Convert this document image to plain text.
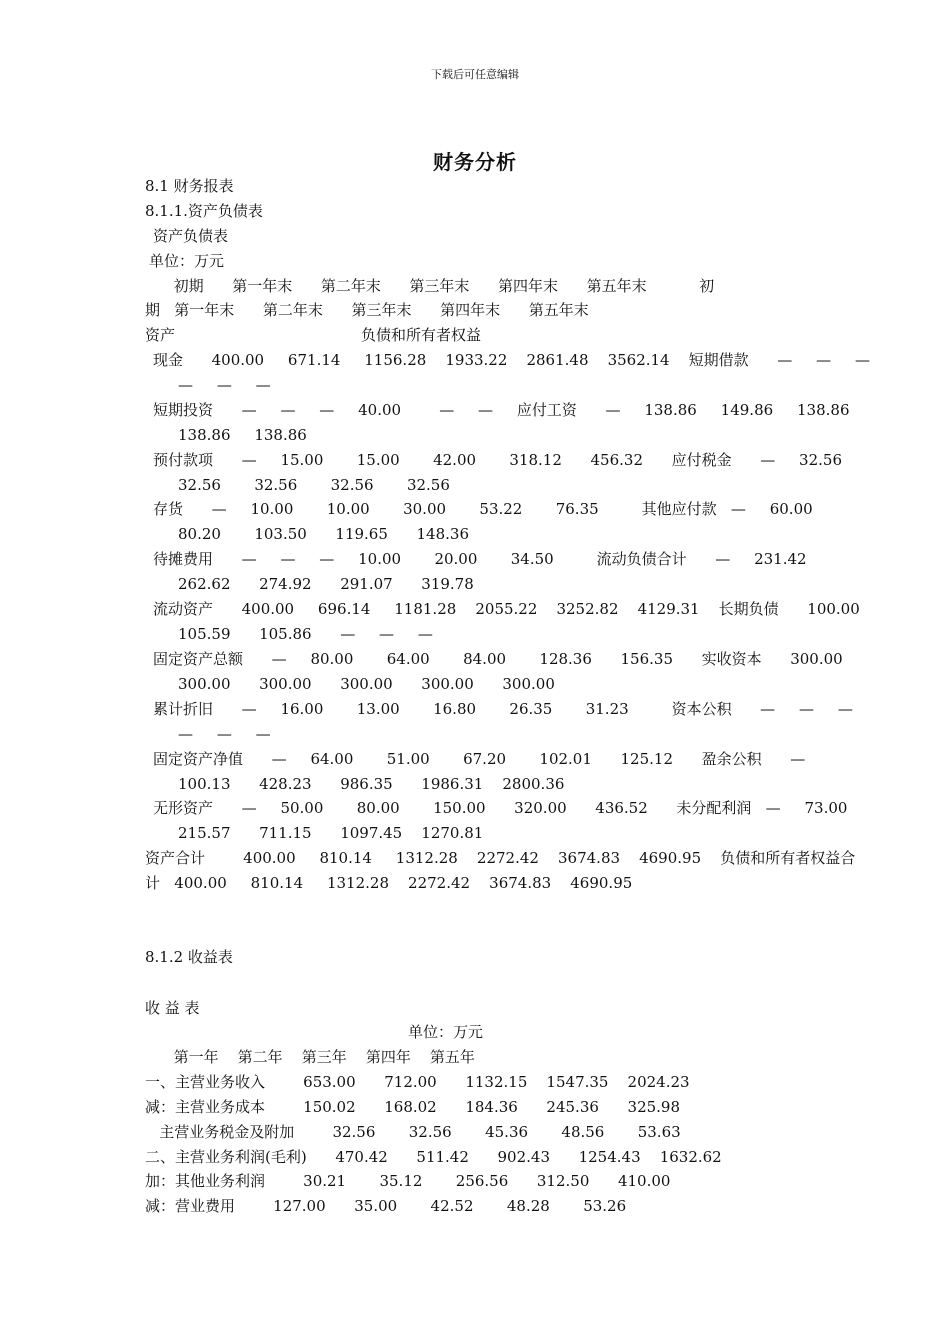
下载后可任意编辑
财务分析
8.1 财务报表
8.1.1.资产负债表
资产负债表
单位：万元
初期      第一年末      第二年末      第三年末      第四年末      第五年末           初
期   第一年末      第二年末      第三年末      第四年末      第五年末
资产                                       负债和所有者权益
现金      400.00     671.14     1156.28    1933.22    2861.48    3562.14    短期借款      —     —     —
—     —     —
短期投资      —     —     —     40.00        —     —     应付工资      —     138.86     149.86     138.86
138.86     138.86
预付款项      —     15.00       15.00       42.00       318.12      456.32      应付税金      —     32.56
32.56       32.56       32.56       32.56
存货      —     10.00       10.00       30.00       53.22       76.35         其他应付款   —     60.00
80.20       103.50      119.65      148.36
待摊费用      —     —     —     10.00       20.00       34.50         流动负债合计      —     231.42
262.62      274.92      291.07      319.78
流动资产      400.00     696.14     1181.28    2055.22    3252.82    4129.31    长期负债      100.00
105.59      105.86      —     —     —
固定资产总额      —     80.00       64.00       84.00       128.36      156.35      实收资本      300.00
300.00      300.00      300.00      300.00      300.00
累计折旧      —     16.00       13.00       16.80       26.35       31.23         资本公积      —     —     —
—     —     —
固定资产净值      —     64.00       51.00       67.20       102.01      125.12      盈余公积      —
100.13      428.23      986.35      1986.31    2800.36
无形资产      —     50.00       80.00       150.00      320.00      436.52      未分配利润   —     73.00
215.57      711.15      1097.45    1270.81
资产合计        400.00     810.14     1312.28    2272.42    3674.83    4690.95    负债和所有者权益合
计   400.00     810.14     1312.28    2272.42    3674.83    4690.95
8.1.2 收益表
收 益 表
单位：万元
第一年    第二年    第三年    第四年    第五年
一、主营业务收入        653.00      712.00      1132.15    1547.35    2024.23
减：主营业务成本        150.02      168.02      184.36      245.36      325.98
主营业务税金及附加        32.56       32.56       45.36       48.56       53.63
二、主营业务利润(毛利)      470.42      511.42      902.43      1254.43    1632.62
加：其他业务利润        30.21       35.12       256.56      312.50      410.00
减：营业费用        127.00      35.00       42.52       48.28       53.26
